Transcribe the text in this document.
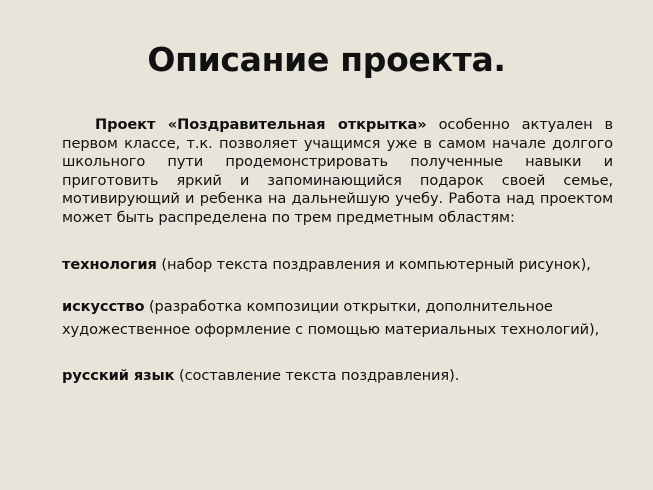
Описание проекта.

Проект «Поздравительная открытка» особенно актуален в первом классе, т.к. позволяет учащимся уже в самом начале долгого школьного пути продемонстрировать полученные навыки и приготовить яркий и запоминающийся подарок своей семье, мотивирующий и ребенка на дальнейшую учебу. Работа над проектом может быть распределена по трем предметным областям:

технология (набор текста поздравления и компьютерный рисунок),

искусство (разработка композиции открытки, дополнительное

художественное оформление с помощью материальных технологий),

русский язык (составление текста поздравления).
